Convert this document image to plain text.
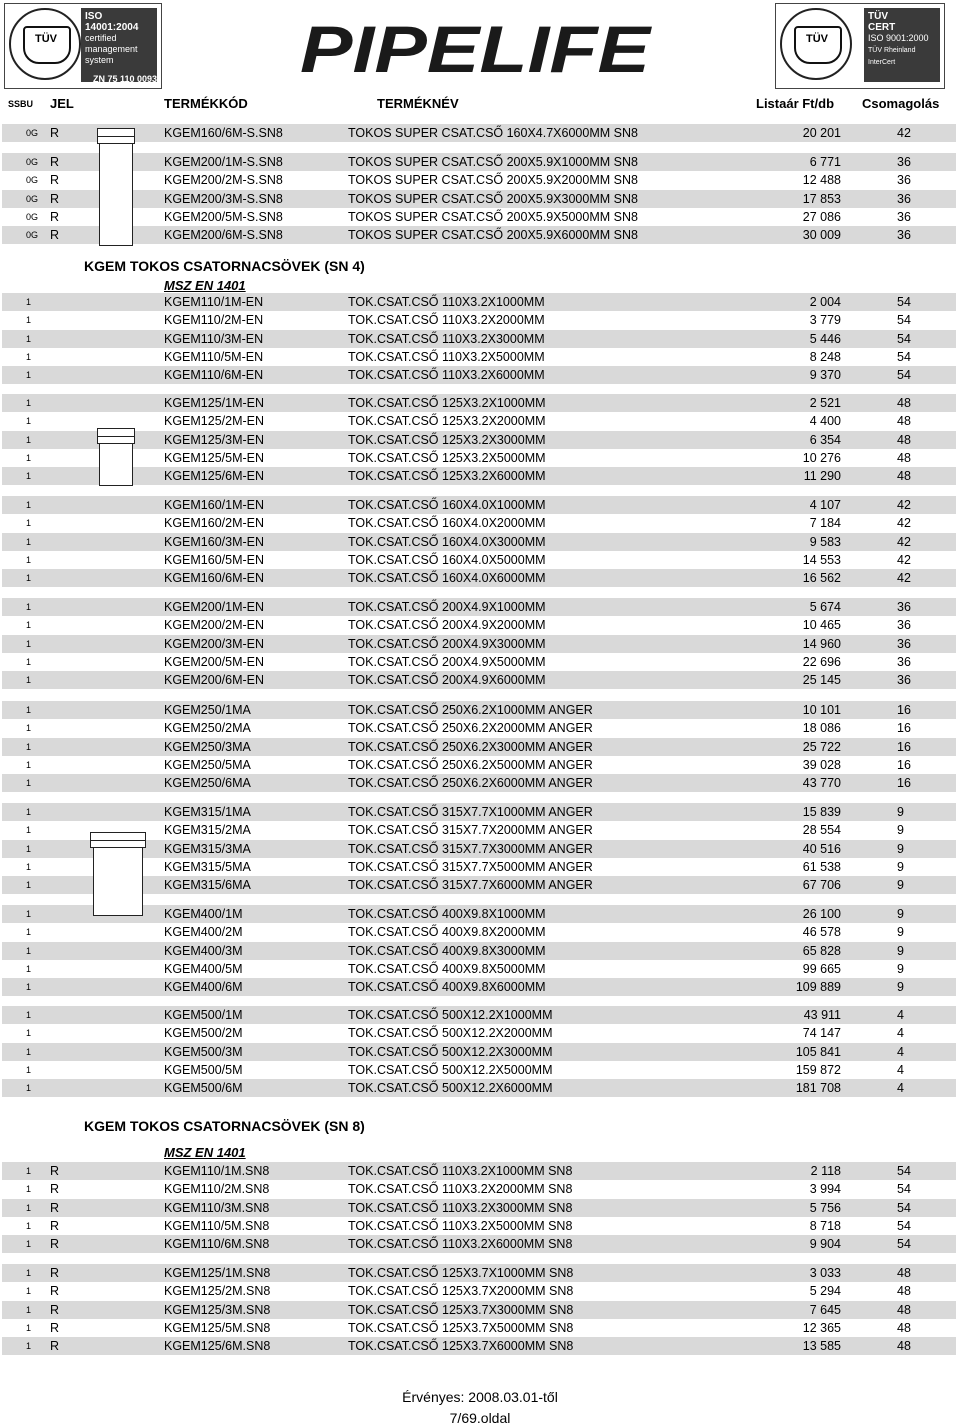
TÜV
ISO 14001:2004
certified
management system
ZN 75 110 0093 PIPELIFE	TÜV
TÜV
CERT
ISO 9001:2000
TÜV Rheinland InterCert
SSBU JEL	TERMÉKKÓD	TERMÉKNÉV	Listaár Ft/db Csomagolás
0G R	KGEM160/6M-S.SN8	TOKOS SUPER CSAT.CSŐ 160X4.7X6000MM SN8	20 201	42
0G R	KGEM200/1M-S.SN8	TOKOS SUPER CSAT.CSŐ 200X5.9X1000MM SN8	6 771	36
0G R	KGEM200/2M-S.SN8	TOKOS SUPER CSAT.CSŐ 200X5.9X2000MM SN8	12 488	36
0G R	KGEM200/3M-S.SN8	TOKOS SUPER CSAT.CSŐ 200X5.9X3000MM SN8	17 853	36
0G R	KGEM200/5M-S.SN8	TOKOS SUPER CSAT.CSŐ 200X5.9X5000MM SN8	27 086	36
0G R	KGEM200/6M-S.SN8	TOKOS SUPER CSAT.CSŐ 200X5.9X6000MM SN8	30 009	36
1	KGEM110/1M-EN	TOK.CSAT.CSŐ 110X3.2X1000MM	2 004	54
1	KGEM110/2M-EN	TOK.CSAT.CSŐ 110X3.2X2000MM	3 779	54
1	KGEM110/3M-EN	TOK.CSAT.CSŐ 110X3.2X3000MM	5 446	54
1	KGEM110/5M-EN	TOK.CSAT.CSŐ 110X3.2X5000MM	8 248	54
1	KGEM110/6M-EN	TOK.CSAT.CSŐ 110X3.2X6000MM	9 370	54
1	KGEM125/1M-EN	TOK.CSAT.CSŐ 125X3.2X1000MM	2 521	48
1	KGEM125/2M-EN	TOK.CSAT.CSŐ 125X3.2X2000MM	4 400	48
1	KGEM125/3M-EN	TOK.CSAT.CSŐ 125X3.2X3000MM	6 354	48
1	KGEM125/5M-EN	TOK.CSAT.CSŐ 125X3.2X5000MM	10 276	48
1	KGEM125/6M-EN	TOK.CSAT.CSŐ 125X3.2X6000MM	11 290	48
1	KGEM160/1M-EN	TOK.CSAT.CSŐ 160X4.0X1000MM	4 107	42
1	KGEM160/2M-EN	TOK.CSAT.CSŐ 160X4.0X2000MM	7 184	42
1	KGEM160/3M-EN	TOK.CSAT.CSŐ 160X4.0X3000MM	9 583	42
1	KGEM160/5M-EN	TOK.CSAT.CSŐ 160X4.0X5000MM	14 553	42
1	KGEM160/6M-EN	TOK.CSAT.CSŐ 160X4.0X6000MM	16 562	42
1	KGEM200/1M-EN	TOK.CSAT.CSŐ 200X4.9X1000MM	5 674	36
1	KGEM200/2M-EN	TOK.CSAT.CSŐ 200X4.9X2000MM	10 465	36
1	KGEM200/3M-EN	TOK.CSAT.CSŐ 200X4.9X3000MM	14 960	36
1	KGEM200/5M-EN	TOK.CSAT.CSŐ 200X4.9X5000MM	22 696	36
1	KGEM200/6M-EN	TOK.CSAT.CSŐ 200X4.9X6000MM	25 145	36
1	KGEM250/1MA	TOK.CSAT.CSŐ 250X6.2X1000MM ANGER	10 101	16
1	KGEM250/2MA	TOK.CSAT.CSŐ 250X6.2X2000MM ANGER	18 086	16
1	KGEM250/3MA	TOK.CSAT.CSŐ 250X6.2X3000MM ANGER	25 722	16
1	KGEM250/5MA	TOK.CSAT.CSŐ 250X6.2X5000MM ANGER	39 028	16
1	KGEM250/6MA	TOK.CSAT.CSŐ 250X6.2X6000MM ANGER	43 770	16
1	KGEM315/1MA	TOK.CSAT.CSŐ 315X7.7X1000MM ANGER	15 839	9
1	KGEM315/2MA	TOK.CSAT.CSŐ 315X7.7X2000MM ANGER	28 554	9
1	KGEM315/3MA	TOK.CSAT.CSŐ 315X7.7X3000MM ANGER	40 516	9
1	KGEM315/5MA	TOK.CSAT.CSŐ 315X7.7X5000MM ANGER	61 538	9
1	KGEM315/6MA	TOK.CSAT.CSŐ 315X7.7X6000MM ANGER	67 706	9
1	KGEM400/1M	TOK.CSAT.CSŐ 400X9.8X1000MM	26 100	9
1	KGEM400/2M	TOK.CSAT.CSŐ 400X9.8X2000MM	46 578	9
1	KGEM400/3M	TOK.CSAT.CSŐ 400X9.8X3000MM	65 828	9
1	KGEM400/5M	TOK.CSAT.CSŐ 400X9.8X5000MM	99 665	9
1	KGEM400/6M	TOK.CSAT.CSŐ 400X9.8X6000MM	109 889	9
1	KGEM500/1M	TOK.CSAT.CSŐ 500X12.2X1000MM	43 911	4
1	KGEM500/2M	TOK.CSAT.CSŐ 500X12.2X2000MM	74 147	4
1	KGEM500/3M	TOK.CSAT.CSŐ 500X12.2X3000MM	105 841	4
1	KGEM500/5M	TOK.CSAT.CSŐ 500X12.2X5000MM	159 872	4
1	KGEM500/6M	TOK.CSAT.CSŐ 500X12.2X6000MM	181 708	4
1 R	KGEM110/1M.SN8	TOK.CSAT.CSŐ 110X3.2X1000MM SN8	2 118	54
1 R	KGEM110/2M.SN8	TOK.CSAT.CSŐ 110X3.2X2000MM SN8	3 994	54
1 R	KGEM110/3M.SN8	TOK.CSAT.CSŐ 110X3.2X3000MM SN8	5 756	54
1 R	KGEM110/5M.SN8	TOK.CSAT.CSŐ 110X3.2X5000MM SN8	8 718	54
1 R	KGEM110/6M.SN8	TOK.CSAT.CSŐ 110X3.2X6000MM SN8	9 904	54
1 R	KGEM125/1M.SN8	TOK.CSAT.CSŐ 125X3.7X1000MM SN8	3 033	48
1 R	KGEM125/2M.SN8	TOK.CSAT.CSŐ 125X3.7X2000MM SN8	5 294	48
1 R	KGEM125/3M.SN8	TOK.CSAT.CSŐ 125X3.7X3000MM SN8	7 645	48
1 R	KGEM125/5M.SN8	TOK.CSAT.CSŐ 125X3.7X5000MM SN8	12 365	48
1 R	KGEM125/6M.SN8	TOK.CSAT.CSŐ 125X3.7X6000MM SN8	13 585	48
KGEM TOKOS CSATORNACSÖVEK (SN 4)
MSZ EN 1401
KGEM TOKOS CSATORNACSÖVEK (SN 8)
MSZ EN 1401
Érvényes: 2008.03.01-től
7/69.oldal
